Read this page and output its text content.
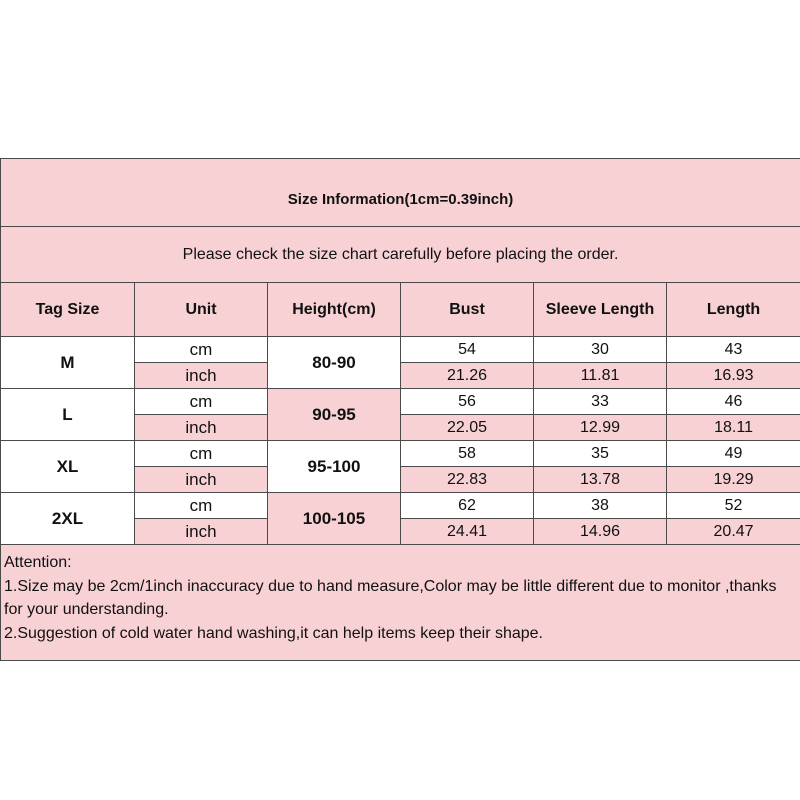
Size Information(1cm=0.39inch)					
Please check the size chart carefully before placing the order.					
Tag Size	Unit	Height(cm)	Bust	Sleeve Length	Length
M	cm	80-90	54	30	43
	inch		21.26	11.81	16.93
L	cm	90-95	56	33	46
	inch		22.05	12.99	18.11
XL	cm	95-100	58	35	49
	inch		22.83	13.78	19.29
2XL	cm	100-105	62	38	52
	inch		24.41	14.96	20.47

Attention:
1.Size may be 2cm/1inch inaccuracy due to hand measure,Color may be little different due to monitor ,thanks for your understanding.
2.Suggestion of cold water hand washing,it can help items keep their shape.					
